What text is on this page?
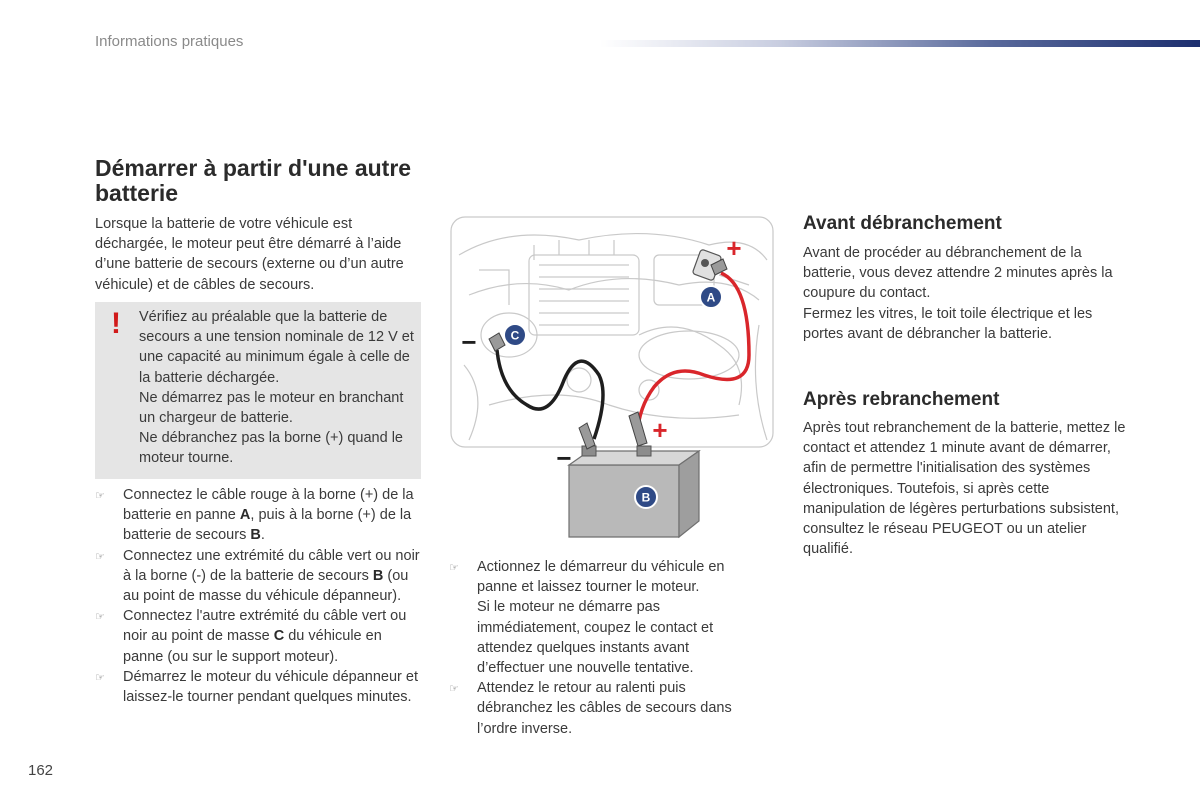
Informations pratiques
Démarrer à partir d'une autre batterie
Lorsque la batterie de votre véhicule est déchargée, le moteur peut être démarré à l’aide d’une batterie de secours (externe ou d’un autre véhicule) et de câbles de secours.
! Vérifiez au préalable que la batterie de secours a une tension nominale de 12 V et une capacité au minimum égale à celle de la batterie déchargée.

Ne démarrez pas le moteur en branchant un chargeur de batterie.

Ne débranchez pas la borne (+) quand le moteur tourne.

☞ Connectez le câble rouge à la borne (+) de la batterie en panne A, puis à la borne (+) de la batterie de secours B.
☞ Connectez une extrémité du câble vert ou noir à la borne (-) de la batterie de secours B (ou au point de masse du véhicule dépanneur).
☞ Connectez l'autre extrémité du câble vert ou noir au point de masse C du véhicule en panne (ou sur le support moteur).
☞ Démarrez le moteur du véhicule dépanneur et laissez-le tourner pendant quelques minutes.
A
B
C
+
+
−
−
☞ Actionnez le démarreur du véhicule en panne et laissez tourner le moteur.

Si le moteur ne démarre pas immédiatement, coupez le contact et attendez quelques instants avant d’effectuer une nouvelle tentative.

☞ Attendez le retour au ralenti puis débranchez les câbles de secours dans l’ordre inverse.

Avant débranchement

Avant de procéder au débranchement de la batterie, vous devez attendre 2 minutes après la coupure du contact.

Fermez les vitres, le toit toile électrique et les portes avant de débrancher la batterie.

Après rebranchement

Après tout rebranchement de la batterie, mettez le contact et attendez 1 minute avant de démarrer, afin de permettre l'initialisation des systèmes électroniques. Toutefois, si après cette manipulation de légères perturbations subsistent, consultez le réseau PEUGEOT ou un atelier qualifié.

162
